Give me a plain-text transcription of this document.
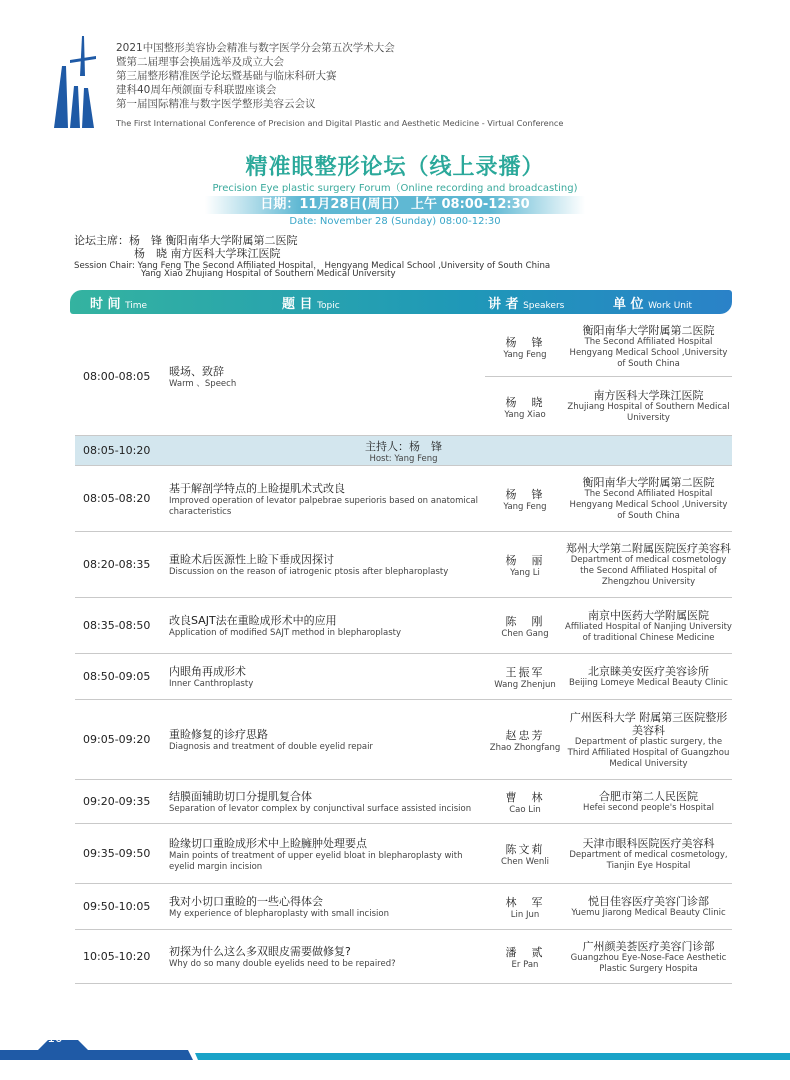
2021中国整形美容协会精准与数字医学分会第五次学术大会
暨第二届理事会换届选举及成立大会
第三届整形精准医学论坛暨基础与临床科研大赛
建科40周年颅颌面专科联盟座谈会
第一届国际精准与数字医学整形美容云会议
The First International Conference of Precision and Digital Plastic and Aesthetic Medicine - Virtual Conference
精准眼整形论坛（线上录播）
Precision Eye plastic surgery Forum（Online recording and broadcasting)
日期：11月28日(周日） 上午 08:00-12:30
Date: November 28 (Sunday) 08:00-12:30
论坛主席：杨　锋 衡阳南华大学附属第二医院
杨　晓 南方医科大学珠江医院
Session Chair: Yang Feng The Second Affiliated Hospital， Hengyang Medical School ,University of South China
Yang Xiao Zhujiang Hospital of Southern Medical University
时 间 Time	题 目 Topic	讲 者 Speakers	单 位 Work Unit
08:00-08:05 暖场、致辞
Warm 、Speech
杨　锋
Yang Feng
衡阳南华大学附属第二医院
The Second Affiliated Hospital Hengyang Medical School ,University of South China
杨　晓
Yang Xiao
南方医科大学珠江医院
Zhujiang Hospital of Southern Medical University
08:05-10:20	主持人：杨　锋
Host: Yang Feng
08:05-08:20
基于解剖学特点的上睑提肌术式改良
Improved operation of levator palpebrae superioris based on anatomical characteristics
杨　锋
Yang Feng
衡阳南华大学附属第二医院
The Second Affiliated Hospital Hengyang Medical School ,University of South China
08:20-08:35 重睑术后医源性上睑下垂成因探讨
Discussion on the reason of iatrogenic ptosis after blepharoplasty
杨　丽
Yang Li
郑州大学第二附属医院医疗美容科
Department of medical cosmetology the Second Affiliated Hospital of Zhengzhou University
08:35-08:50 改良SAJT法在重睑成形术中的应用
Application of modified SAJT method in blepharoplasty
陈　刚
Chen Gang
南京中医药大学附属医院
Affiliated Hospital of Nanjing University of traditional Chinese Medicine
08:50-09:05 内眼角再成形术
Inner Canthroplasty
王振军
Wang Zhenjun
北京睐美安医疗美容诊所
Beijing Lomeye Medical Beauty Clinic
09:05-09:20 重睑修复的诊疗思路
Diagnosis and treatment of double eyelid repair
赵忠芳
Zhao Zhongfang
广州医科大学 附属第三医院整形美容科
Department of plastic surgery, the Third Affiliated Hospital of Guangzhou Medical University
09:20-09:35 结膜面辅助切口分提肌复合体
Separation of levator complex by conjunctival surface assisted incision
曹　林
Cao Lin
合肥市第二人民医院
Hefei second people's Hospital
09:35-09:50
睑缘切口重睑成形术中上睑臃肿处理要点
Main points of treatment of upper eyelid bloat in blepharoplasty with eyelid margin incision
陈文莉
Chen Wenli
天津市眼科医院医疗美容科
Department of medical cosmetology, Tianjin Eye Hospital
09:50-10:05 我对小切口重睑的一些心得体会
My experience of blepharoplasty with small incision
林　军
Lin Jun
悦目佳容医疗美容门诊部
Yuemu Jiarong Medical Beauty Clinic
10:05-10:20 初探为什么这么多双眼皮需要做修复?
Why do so many double eyelids need to be repaired?
潘　贰
Er Pan
广州颜美荟医疗美容门诊部
Guangzhou Eye-Nose-Face Aesthetic Plastic Surgery Hospita
10
